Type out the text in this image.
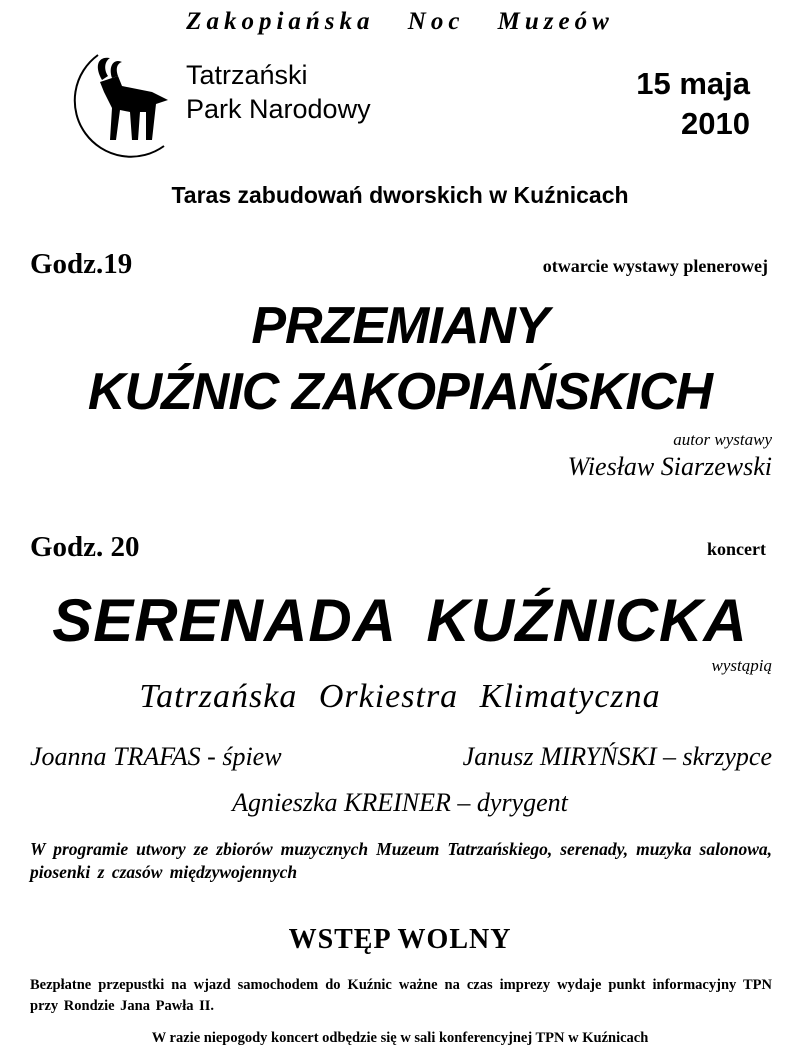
Zakopiańska Noc Muzeów
Tatrzański
Park Narodowy
15 maja
2010
Taras zabudowań dworskich w Kuźnicach
Godz.19	otwarcie wystawy plenerowej
PRZEMIANY
KUŹNIC ZAKOPIAŃSKICH
autor wystawy
Wiesław Siarzewski
Godz. 20	koncert
SERENADA KUŹNICKA
wystąpią
Tatrzańska Orkiestra Klimatyczna
Joanna TRAFAS - śpiew	Janusz MIRYŃSKI – skrzypce
Agnieszka KREINER – dyrygent
W programie utwory ze zbiorów muzycznych Muzeum Tatrzańskiego, serenady, muzyka salonowa, piosenki z czasów międzywojennych
WSTĘP WOLNY
Bezpłatne przepustki na wjazd samochodem do Kuźnic ważne na czas imprezy wydaje punkt informacyjny TPN przy Rondzie Jana Pawła II.
W razie niepogody koncert odbędzie się w sali konferencyjnej TPN w Kuźnicach
